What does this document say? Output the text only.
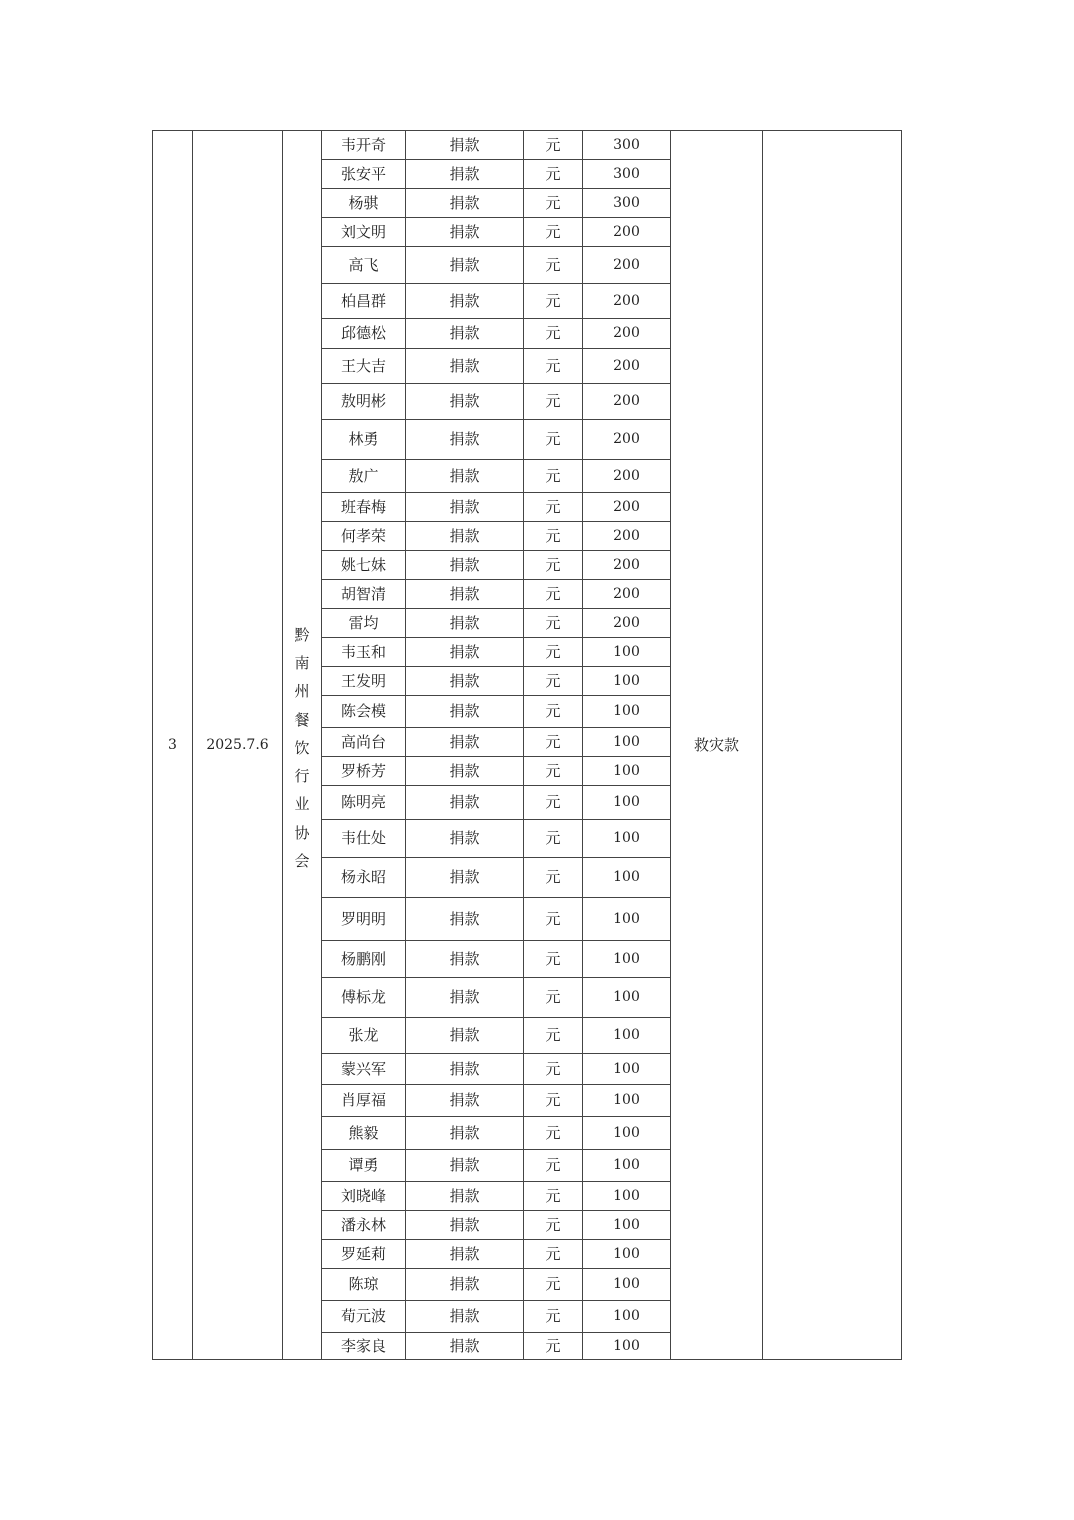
3	2025.7.6	黔南州餐饮行业协会	韦开奇	捐款	元	300	救灾款	
			张安平	捐款	元	300		
			杨骐	捐款	元	300		
			刘文明	捐款	元	200		
			高飞	捐款	元	200		
			柏昌群	捐款	元	200		
			邱德松	捐款	元	200		
			王大吉	捐款	元	200		
			敖明彬	捐款	元	200		
			林勇	捐款	元	200		
			敖广	捐款	元	200		
			班春梅	捐款	元	200		
			何孝荣	捐款	元	200		
			姚七妹	捐款	元	200		
			胡智清	捐款	元	200		
			雷均	捐款	元	200		
			韦玉和	捐款	元	100		
			王发明	捐款	元	100		
			陈会模	捐款	元	100		
			高尚台	捐款	元	100		
			罗桥芳	捐款	元	100		
			陈明亮	捐款	元	100		
			韦仕处	捐款	元	100		
			杨永昭	捐款	元	100		
			罗明明	捐款	元	100		
			杨鹏刚	捐款	元	100		
			傅标龙	捐款	元	100		
			张龙	捐款	元	100		
			蒙兴军	捐款	元	100		
			肖厚福	捐款	元	100		
			熊毅	捐款	元	100		
			谭勇	捐款	元	100		
			刘晓峰	捐款	元	100		
			潘永林	捐款	元	100		
			罗延莉	捐款	元	100		
			陈琼	捐款	元	100		
			荀元波	捐款	元	100		
			李家良	捐款	元	100		
